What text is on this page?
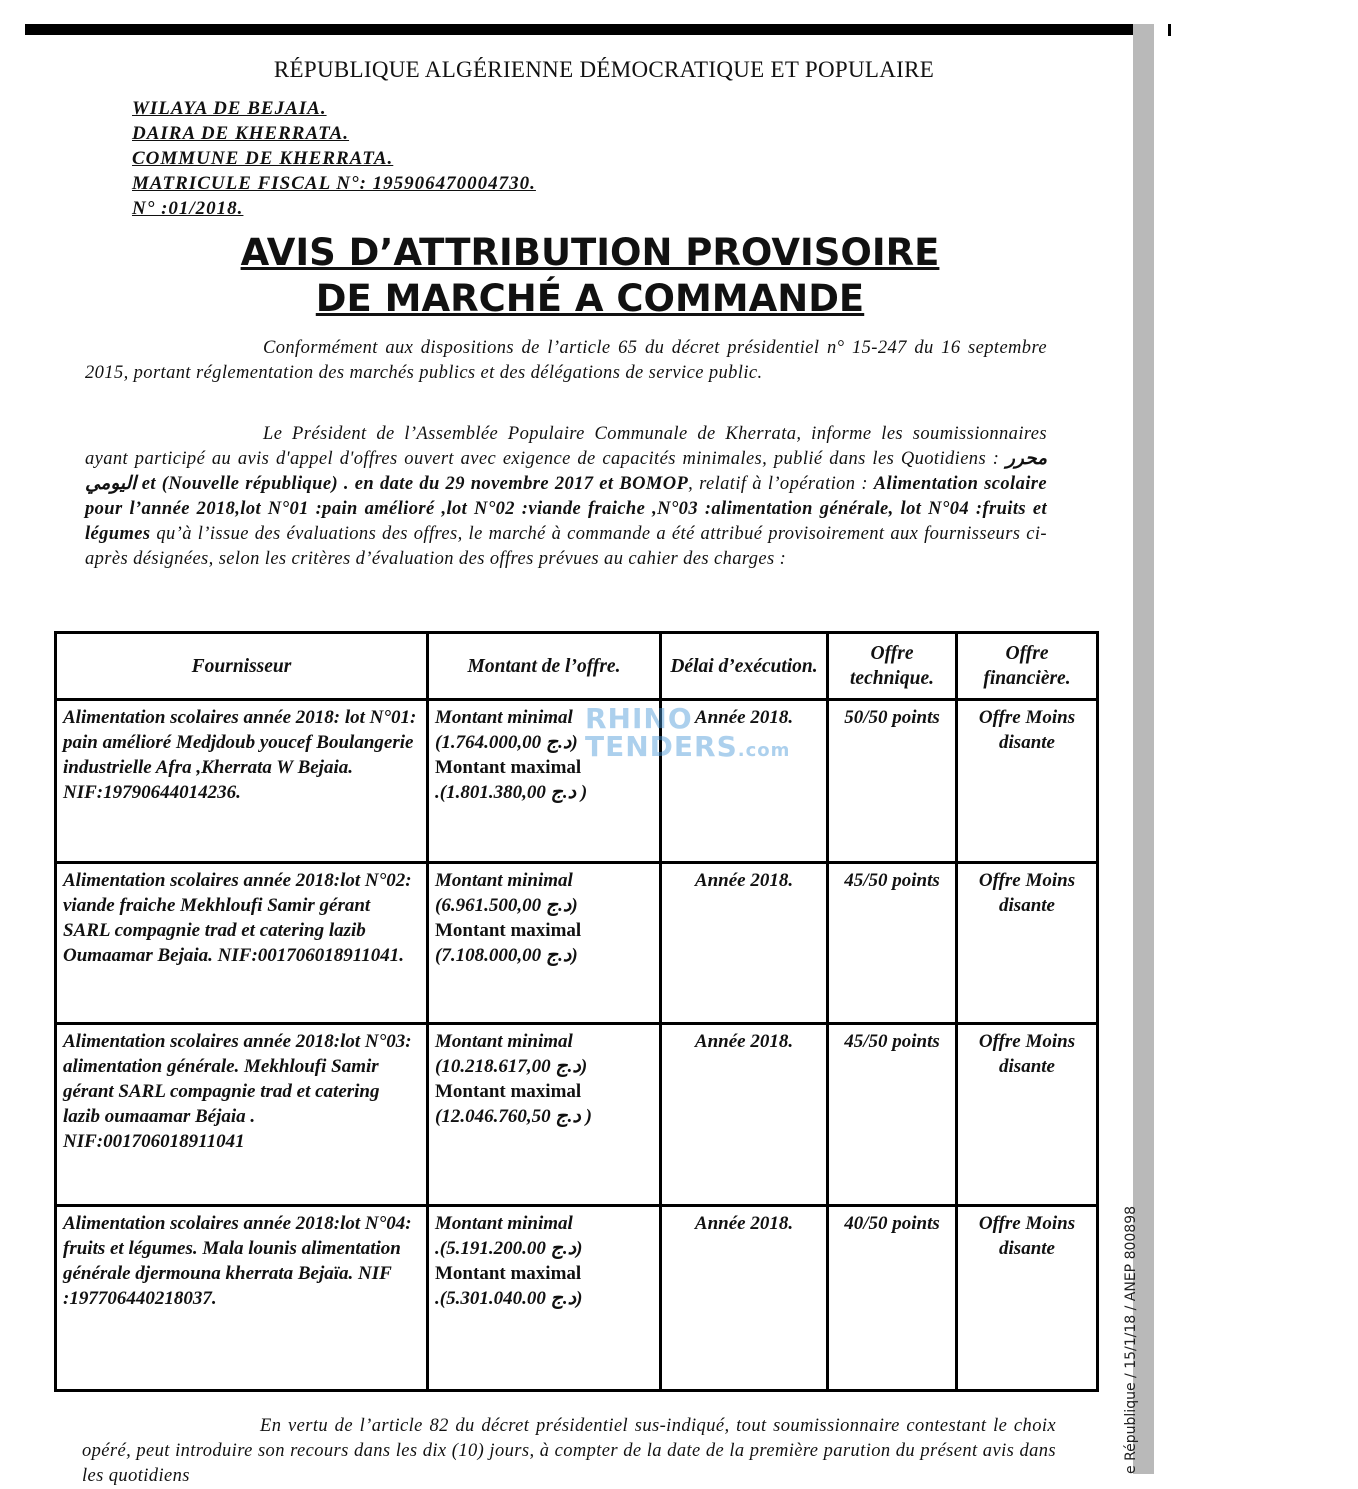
e République / 15/1/18 / ANEP 800898
RÉPUBLIQUE ALGÉRIENNE DÉMOCRATIQUE ET POPULAIRE
WILAYA DE BEJAIA.
DAIRA DE KHERRATA.
COMMUNE DE KHERRATA.
MATRICULE FISCAL N°: 195906470004730.
N° :01/2018.
AVIS D’ATTRIBUTION PROVISOIRE
DE MARCHÉ A COMMANDE
Conformément aux dispositions de l’article 65 du décret présidentiel n° 15-247 du 16 septembre 2015, portant réglementation des marchés publics et des délégations de service public.
Le Président de l’Assemblée Populaire Communale de Kherrata, informe les soumissionnaires ayant participé au avis d'appel d'offres ouvert avec exigence de capacités minimales, publié dans les Quotidiens : محرر اليومي et (Nouvelle république) . en date du 29 novembre 2017 et BOMOP, relatif à l’opération : Alimentation scolaire pour l’année 2018,lot N°01 :pain amélioré ,lot N°02 :viande fraiche ,N°03 :alimentation générale, lot N°04 :fruits et légumes qu’à l’issue des évaluations des offres, le marché à commande a été attribué provisoirement aux fournisseurs ci-après désignées, selon les critères d’évaluation des offres prévues au cahier des charges :
Fournisseur	Montant de l’offre.	Délai d’exécution.	Offre technique.	Offre financière.
Alimentation scolaires année 2018: lot N°01: pain amélioré Medjdoub youcef Boulangerie industrielle Afra ,Kherrata W Bejaia. NIF:19790644014236.	Montant minimal
(د.ج 1.764.000,00)
Montant maximal
.(د.ج 1.801.380,00 )	Année 2018.	50/50 points	Offre Moins disante
Alimentation scolaires année 2018:lot N°02: viande fraiche Mekhloufi Samir gérant SARL compagnie trad et catering lazib Oumaamar Bejaia. NIF:001706018911041.	Montant minimal
(د.ج 6.961.500,00)
Montant maximal
(د.ج 7.108.000,00)	Année 2018.	45/50 points	Offre Moins disante
Alimentation scolaires année 2018:lot N°03: alimentation générale. Mekhloufi Samir gérant SARL compagnie trad et catering lazib oumaamar Béjaia . NIF:001706018911041	Montant minimal
(د.ج 10.218.617,00)
Montant maximal
(د.ج 12.046.760,50 )	Année 2018.	45/50 points	Offre Moins disante
Alimentation scolaires année 2018:lot N°04: fruits et légumes. Mala lounis alimentation générale djermouna kherrata Bejaïa. NIF :197706440218037.	Montant minimal
.(د.ج 5.191.200.00)
Montant maximal
.(د.ج 5.301.040.00)	Année 2018.	40/50 points	Offre Moins disante
RHINO
TENDERS.com
En vertu de l’article 82 du décret présidentiel sus-indiqué, tout soumissionnaire contestant le choix opéré, peut introduire son recours dans les dix (10) jours, à compter de la date de la première parution du présent avis dans les quotidiens
